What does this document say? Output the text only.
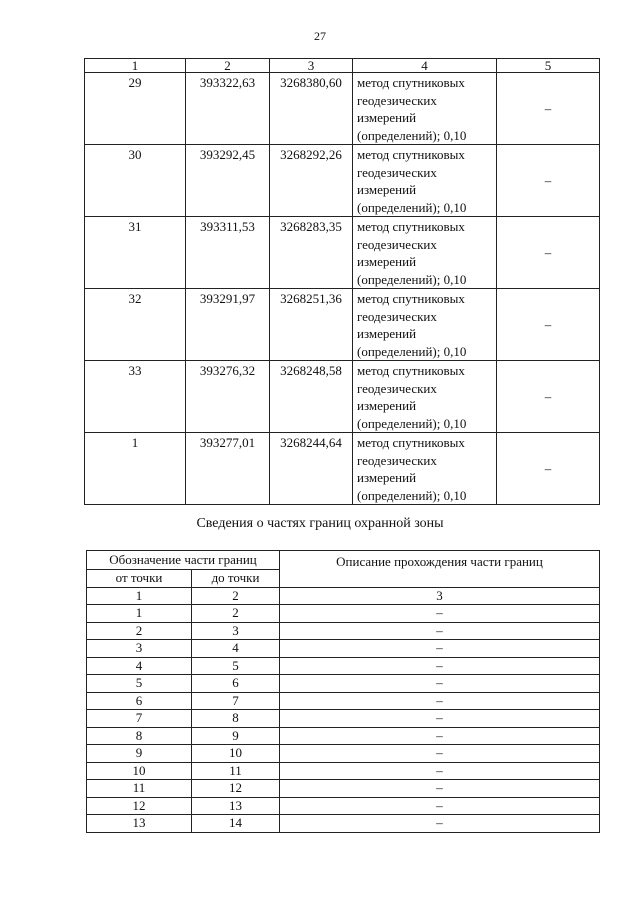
27
1	2	3	4	5
29	393322,63	3268380,60	метод спутниковых
геодезических
измерений
(определений); 0,10	–
30	393292,45	3268292,26	метод спутниковых
геодезических
измерений
(определений); 0,10	–
31	393311,53	3268283,35	метод спутниковых
геодезических
измерений
(определений); 0,10	–
32	393291,97	3268251,36	метод спутниковых
геодезических
измерений
(определений); 0,10	–
33	393276,32	3268248,58	метод спутниковых
геодезических
измерений
(определений); 0,10	–
1	393277,01	3268244,64	метод спутниковых
геодезических
измерений
(определений); 0,10	–
Сведения о частях границ охранной зоны
Обозначение части границ		Описание прохождения части границ
от точки	до точки	
1	2	3
1	2	–
2	3	–
3	4	–
4	5	–
5	6	–
6	7	–
7	8	–
8	9	–
9	10	–
10	11	–
11	12	–
12	13	–
13	14	–
